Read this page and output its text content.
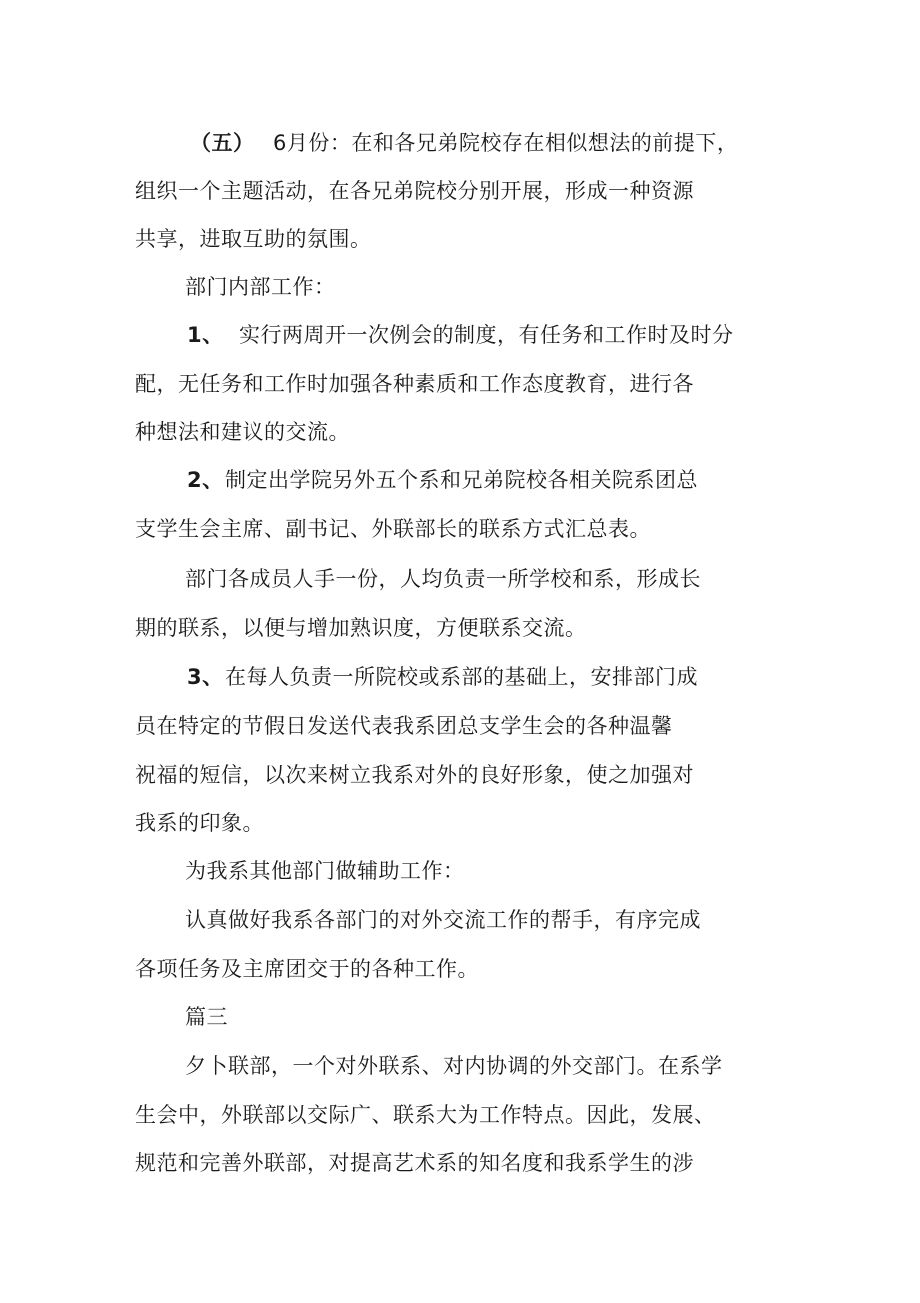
（五） 6月份：在和各兄弟院校存在相似想法的前提下，
组织一个主题活动，在各兄弟院校分别开展，形成一种资源
共享，进取互助的氛围。
部门内部工作：
1、 实行两周开一次例会的制度，有任务和工作时及时分
配，无任务和工作时加强各种素质和工作态度教育，进行各
种想法和建议的交流。
2、制定出学院另外五个系和兄弟院校各相关院系团总
支学生会主席、副书记、外联部长的联系方式汇总表。
部门各成员人手一份，人均负责一所学校和系，形成长
期的联系，以便与增加熟识度，方便联系交流。
3、在每人负责一所院校或系部的基础上，安排部门成
员在特定的节假日发送代表我系团总支学生会的各种温馨
祝福的短信，以次来树立我系对外的良好形象，使之加强对
我系的印象。
为我系其他部门做辅助工作：
认真做好我系各部门的对外交流工作的帮手，有序完成
各项任务及主席团交于的各种工作。
篇三
夕卜联部，一个对外联系、对内协调的外交部门。在系学
生会中，外联部以交际广、联系大为工作特点。因此，发展、
规范和完善外联部，对提高艺术系的知名度和我系学生的涉
